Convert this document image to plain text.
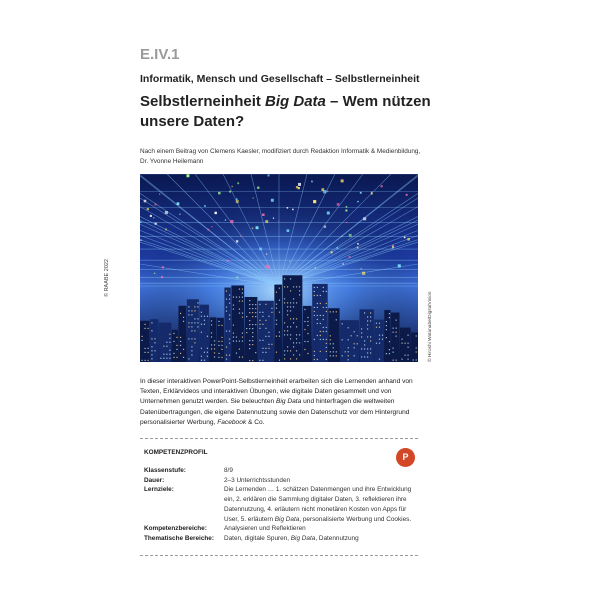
E.IV.1
Informatik, Mensch und Gesellschaft – Selbstlerneinheit
Selbstlerneinheit Big Data – Wem nützen unsere Daten?
Nach einem Beitrag von Clemens Kaesler, modifiziert durch Redaktion Informatik & Medienbildung, Dr. Yvonne Heilemann
© RAABE 2022
© Hiroshi Watanabe/DigitalVision
In dieser interaktiven PowerPoint-Selbstlerneinheit erarbeiten sich die Lernenden anhand von Texten, Erklärvideos und interaktiven Übungen, wie digitale Daten gesammelt und von Unternehmen genutzt werden. Sie beleuchten Big Data und hinterfragen die weltweiten Datenübertragungen, die eigene Datennutzung sowie den Datenschutz vor dem Hintergrund personalisierter Werbung, Facebook & Co.
KOMPETENZPROFIL	P
Klassenstufe:	8/9
Dauer:	2–3 Unterrichtsstunden
Lernziele:	Die Lernenden … 1. schätzen Datenmengen und ihre Entwicklung ein, 2. erklären die Sammlung digitaler Daten, 3. reflektieren ihre Datennutzung, 4. erläutern nicht monetären Kosten von Apps für User, 5. erläutern Big Data, personalisierte Werbung und Cookies.
Kompetenzbereiche:	Analysieren und Reflektieren
Thematische Bereiche:	Daten, digitale Spuren, Big Data, Datennutzung
